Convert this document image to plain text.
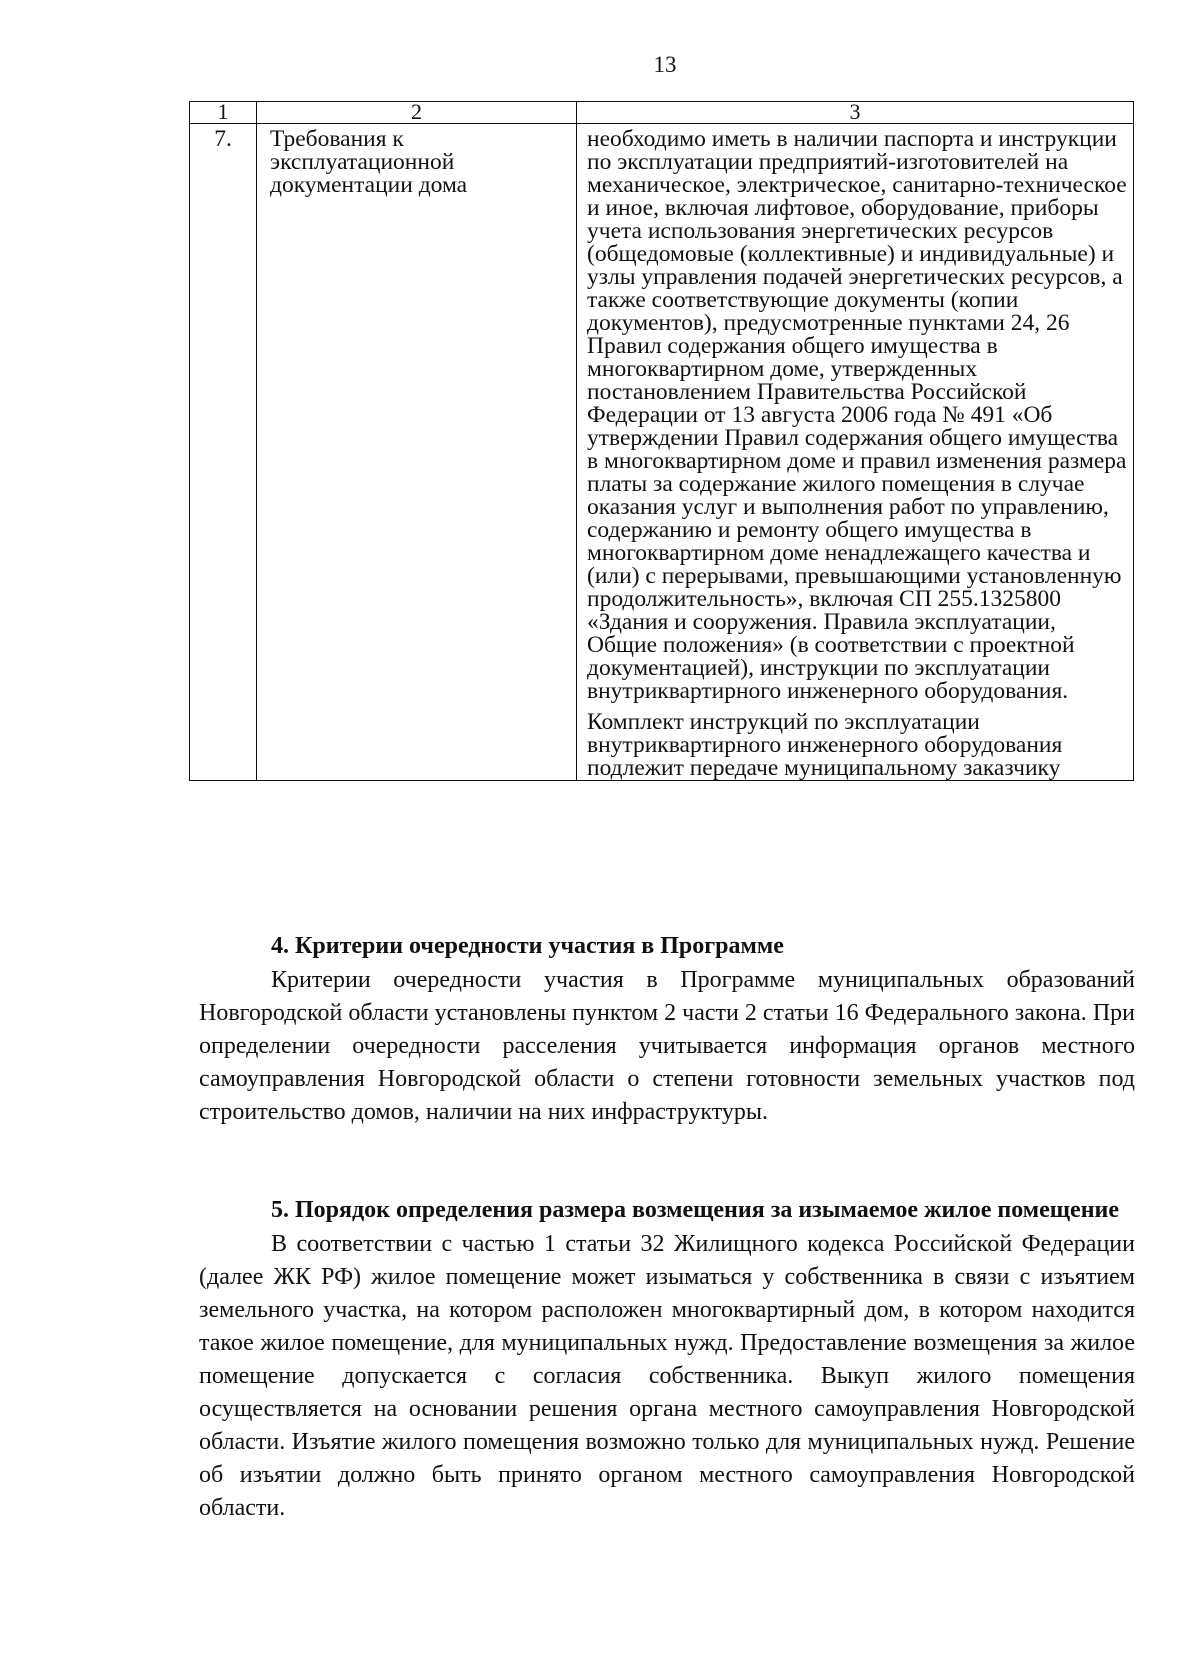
13
1	2	3
7.	Требования к эксплуатационной документации дома	необходимо иметь в наличии паспорта и инструкции по эксплуатации предприятий-изготовителей на механическое, электрическое, санитарно-техническое и иное, включая лифтовое, оборудование, приборы учета использования энергетических ресурсов (общедомовые (коллективные) и индивидуальные) и узлы управления подачей энергетических ресурсов, а также соответствующие документы (копии документов), предусмотренные пунктами 24, 26 Правил содержания общего имущества в многоквартирном доме, утвержденных постановлением Правительства Российской Федерации от 13 августа 2006 года № 491 «Об утверждении Правил содержания общего имущества в многоквартирном доме и правил изменения размера платы за содержание жилого помещения в случае оказания услуг и выполнения работ по управлению, содержанию и ремонту общего имущества в многоквартирном доме ненадлежащего качества и (или) с перерывами, превышающими установленную продолжительность», включая СП 255.1325800 «Здания и сооружения. Правила эксплуатации, Общие положения» (в соответствии с проектной документацией), инструкции по эксплуатации внутриквартирного инженерного оборудования.

Комплект инструкций по эксплуатации внутриквартирного инженерного оборудования подлежит передаче муниципальному заказчику

4. Критерии очередности участия в Программе

Критерии очередности участия в Программе муниципальных образований Новгородской области установлены пунктом 2 части 2 статьи 16 Федерального закона. При определении очередности расселения учитывается информация органов местного самоуправления Новгородской области о степени готовности земельных участков под строительство домов, наличии на них инфраструктуры.

5. Порядок определения размера возмещения за изымаемое жилое помещение

В соответствии с частью 1 статьи 32 Жилищного кодекса Российской Федерации (далее ЖК РФ) жилое помещение может изыматься у собственника в связи с изъятием земельного участка, на котором расположен многоквартирный дом, в котором находится такое жилое помещение, для муниципальных нужд. Предоставление возмещения за жилое помещение допускается с согласия собственника. Выкуп жилого помещения осуществляется на основании решения органа местного самоуправления Новгородской области. Изъятие жилого помещения возможно только для муниципальных нужд. Решение об изъятии должно быть принято органом местного самоуправления Новгородской области.
